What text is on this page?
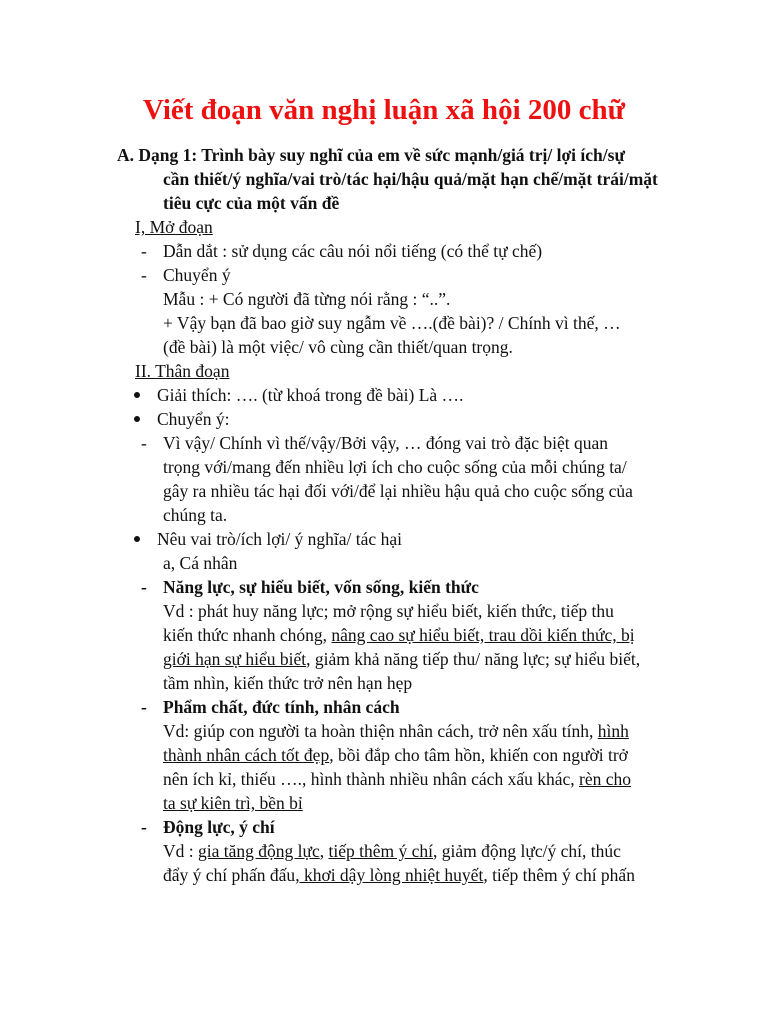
Viết đoạn văn nghị luận xã hội 200 chữ
A. Dạng 1: Trình bày suy nghĩ của em về sức mạnh/giá trị/ lợi ích/sự
cần thiết/ý nghĩa/vai trò/tác hại/hậu quả/mặt hạn chế/mặt trái/mặt
tiêu cực của một vấn đề
I, Mở đoạn
- Dẫn dắt : sử dụng các câu nói nổi tiếng (có thể tự chế)
- Chuyển ý
Mẫu : + Có người đã từng nói rằng : “..”.
+ Vậy bạn đã bao giờ suy ngẫm về ….(đề bài)? / Chính vì thế, …
(đề bài) là một việc/ vô cùng cần thiết/quan trọng.
II. Thân đoạn
Giải thích: …. (từ khoá trong đề bài) Là ….
Chuyển ý:
- Vì vậy/ Chính vì thế/vậy/Bởi vậy, … đóng vai trò đặc biệt quan
trọng với/mang đến nhiều lợi ích cho cuộc sống của mỗi chúng ta/
gây ra nhiều tác hại đối với/để lại nhiều hậu quả cho cuộc sống của
chúng ta.
Nêu vai trò/ích lợi/ ý nghĩa/ tác hại
a, Cá nhân
- Năng lực, sự hiểu biết, vốn sống, kiến thức
Vd : phát huy năng lực; mở rộng sự hiểu biết, kiến thức, tiếp thu
kiến thức nhanh chóng, nâng cao sự hiểu biết, trau dồi kiến thức, bị
giới hạn sự hiểu biết, giảm khả năng tiếp thu/ năng lực; sự hiểu biết,
tầm nhìn, kiến thức trở nên hạn hẹp
- Phẩm chất, đức tính, nhân cách
Vd: giúp con người ta hoàn thiện nhân cách, trở nên xấu tính, hình
thành nhân cách tốt đẹp, bồi đắp cho tâm hồn, khiến con người trở
nên ích kỉ, thiếu …., hình thành nhiều nhân cách xấu khác, rèn cho
ta sự kiên trì, bền bỉ
- Động lực, ý chí
Vd : gia tăng động lực, tiếp thêm ý chí, giảm động lực/ý chí, thúc
đẩy ý chí phấn đấu, khơi dậy lòng nhiệt huyết, tiếp thêm ý chí phấn
